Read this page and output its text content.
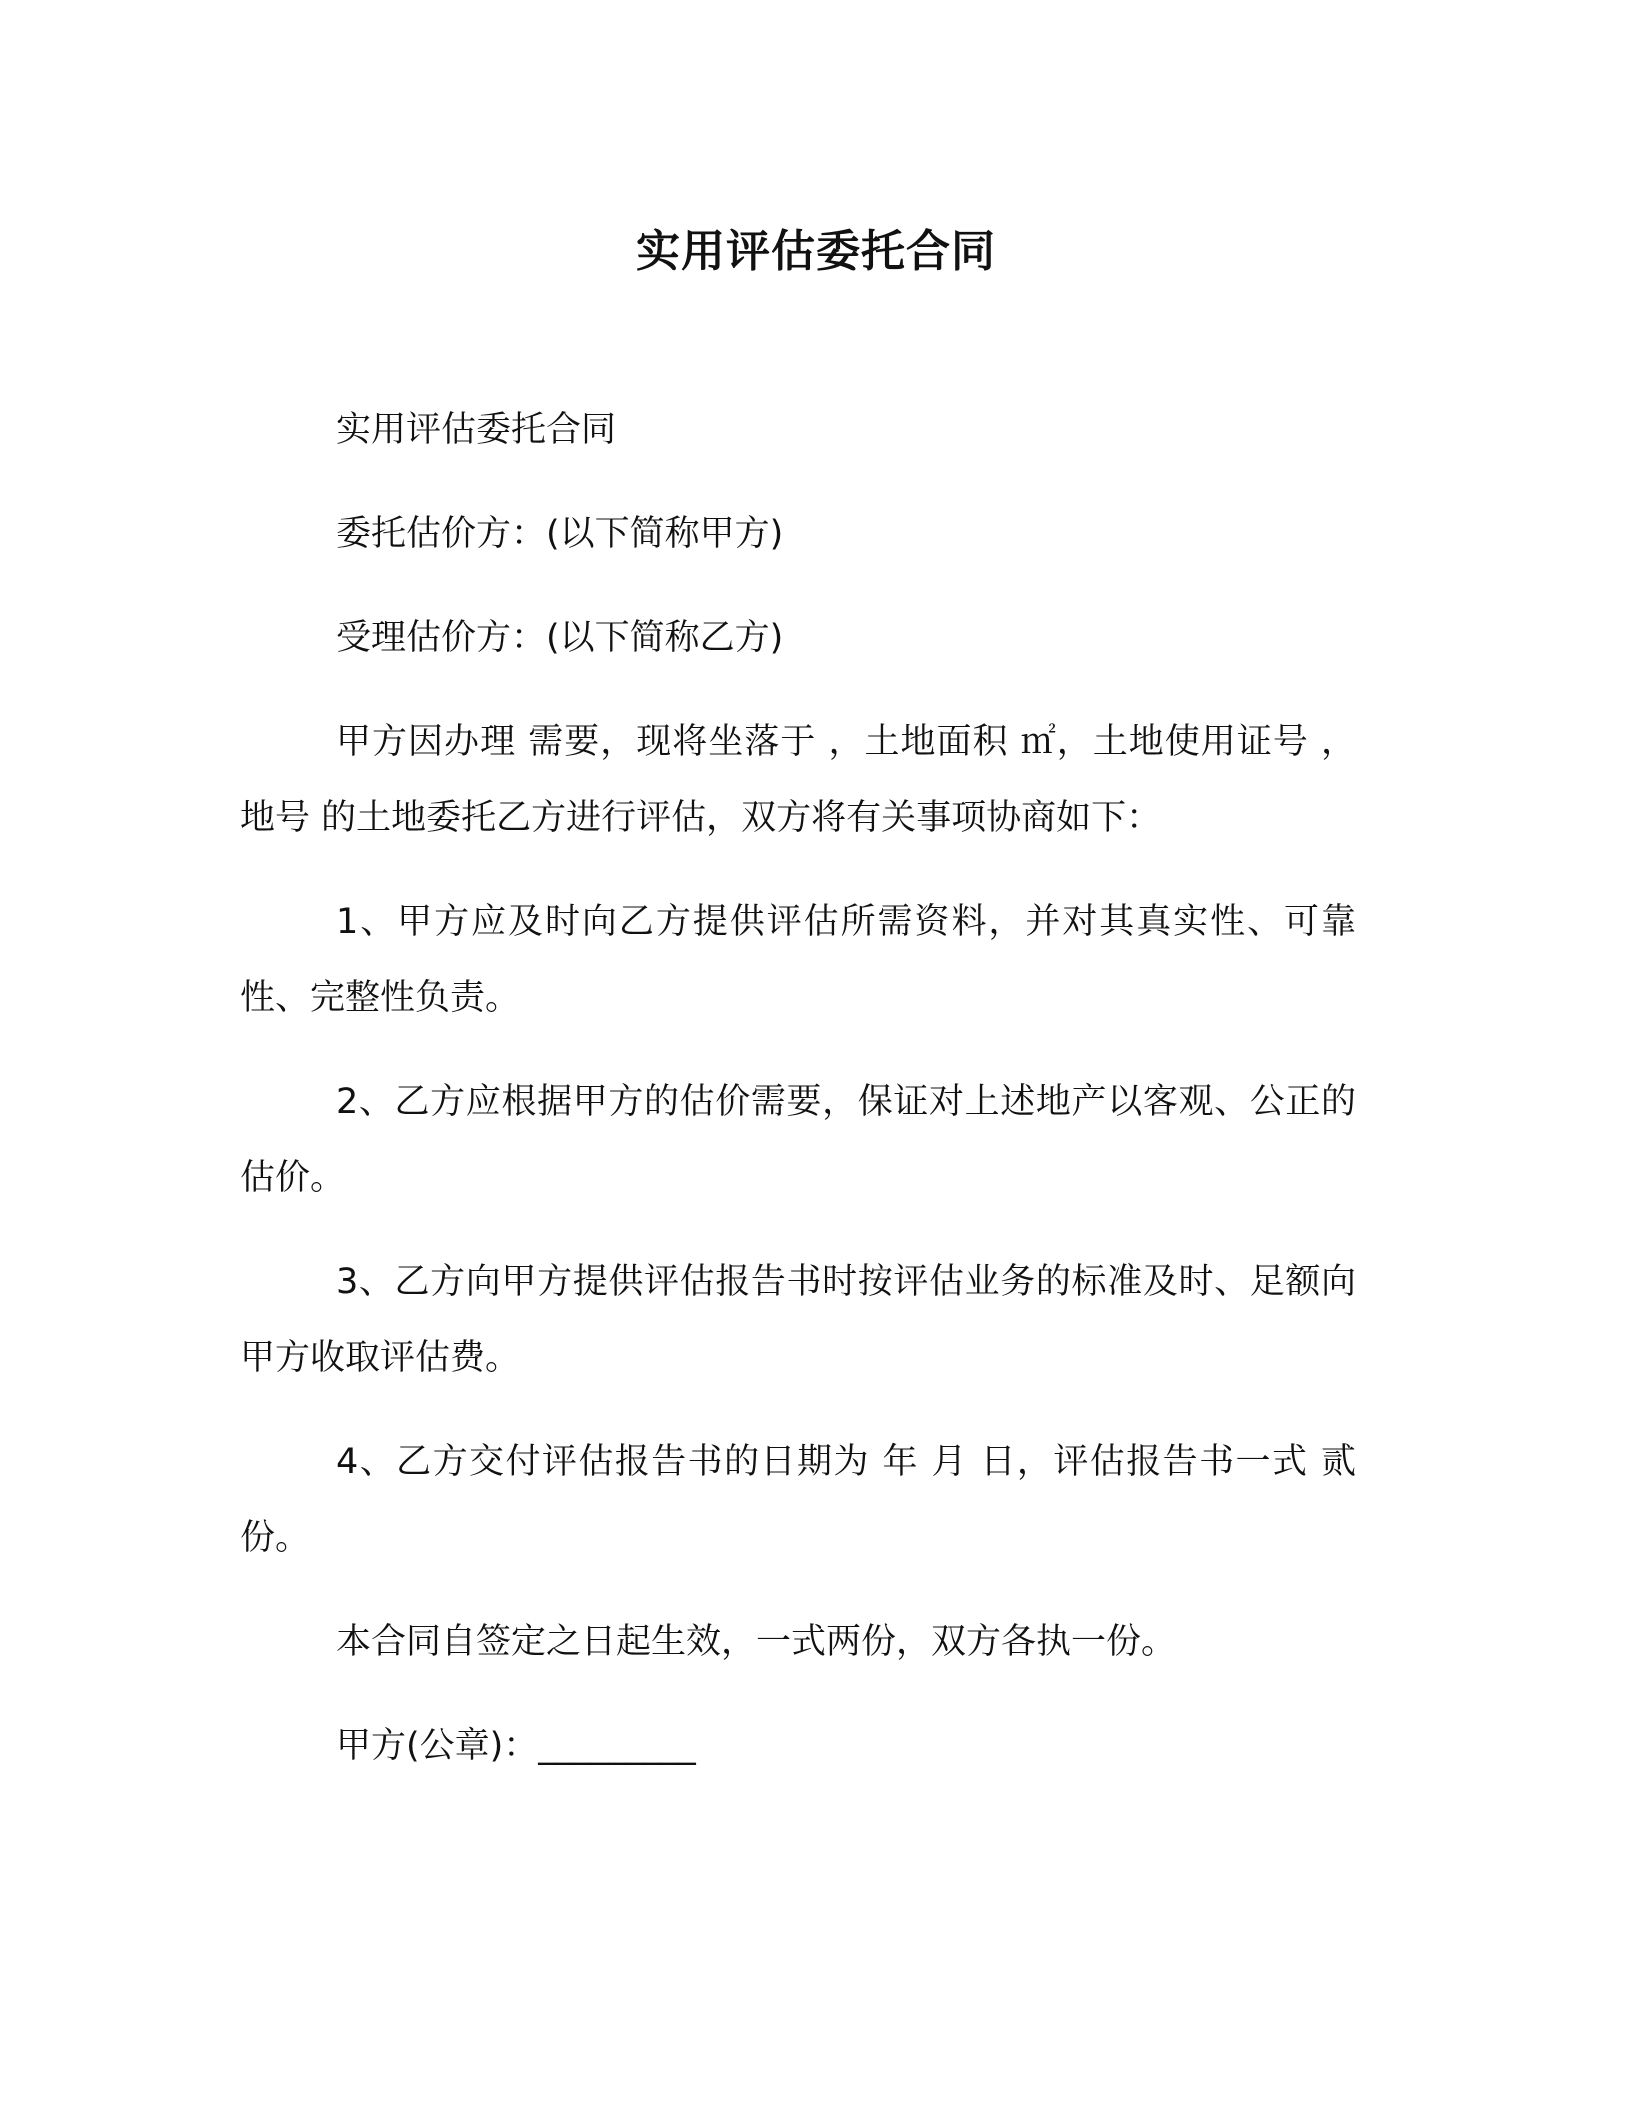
实用评估委托合同

实用评估委托合同

委托估价方：(以下简称甲方)

受理估价方：(以下简称乙方)

甲方因办理 需要，现将坐落于 ，土地面积 ㎡，土地使用证号 ，地号 的土地委托乙方进行评估，双方将有关事项协商如下：

1、甲方应及时向乙方提供评估所需资料，并对其真实性、可靠性、完整性负责。

2、乙方应根据甲方的估价需要，保证对上述地产以客观、公正的估价。

3、乙方向甲方提供评估报告书时按评估业务的标准及时、足额向甲方收取评估费。

4、乙方交付评估报告书的日期为 年 月 日，评估报告书一式 贰份。

本合同自签定之日起生效，一式两份，双方各执一份。

甲方(公章)：_________
